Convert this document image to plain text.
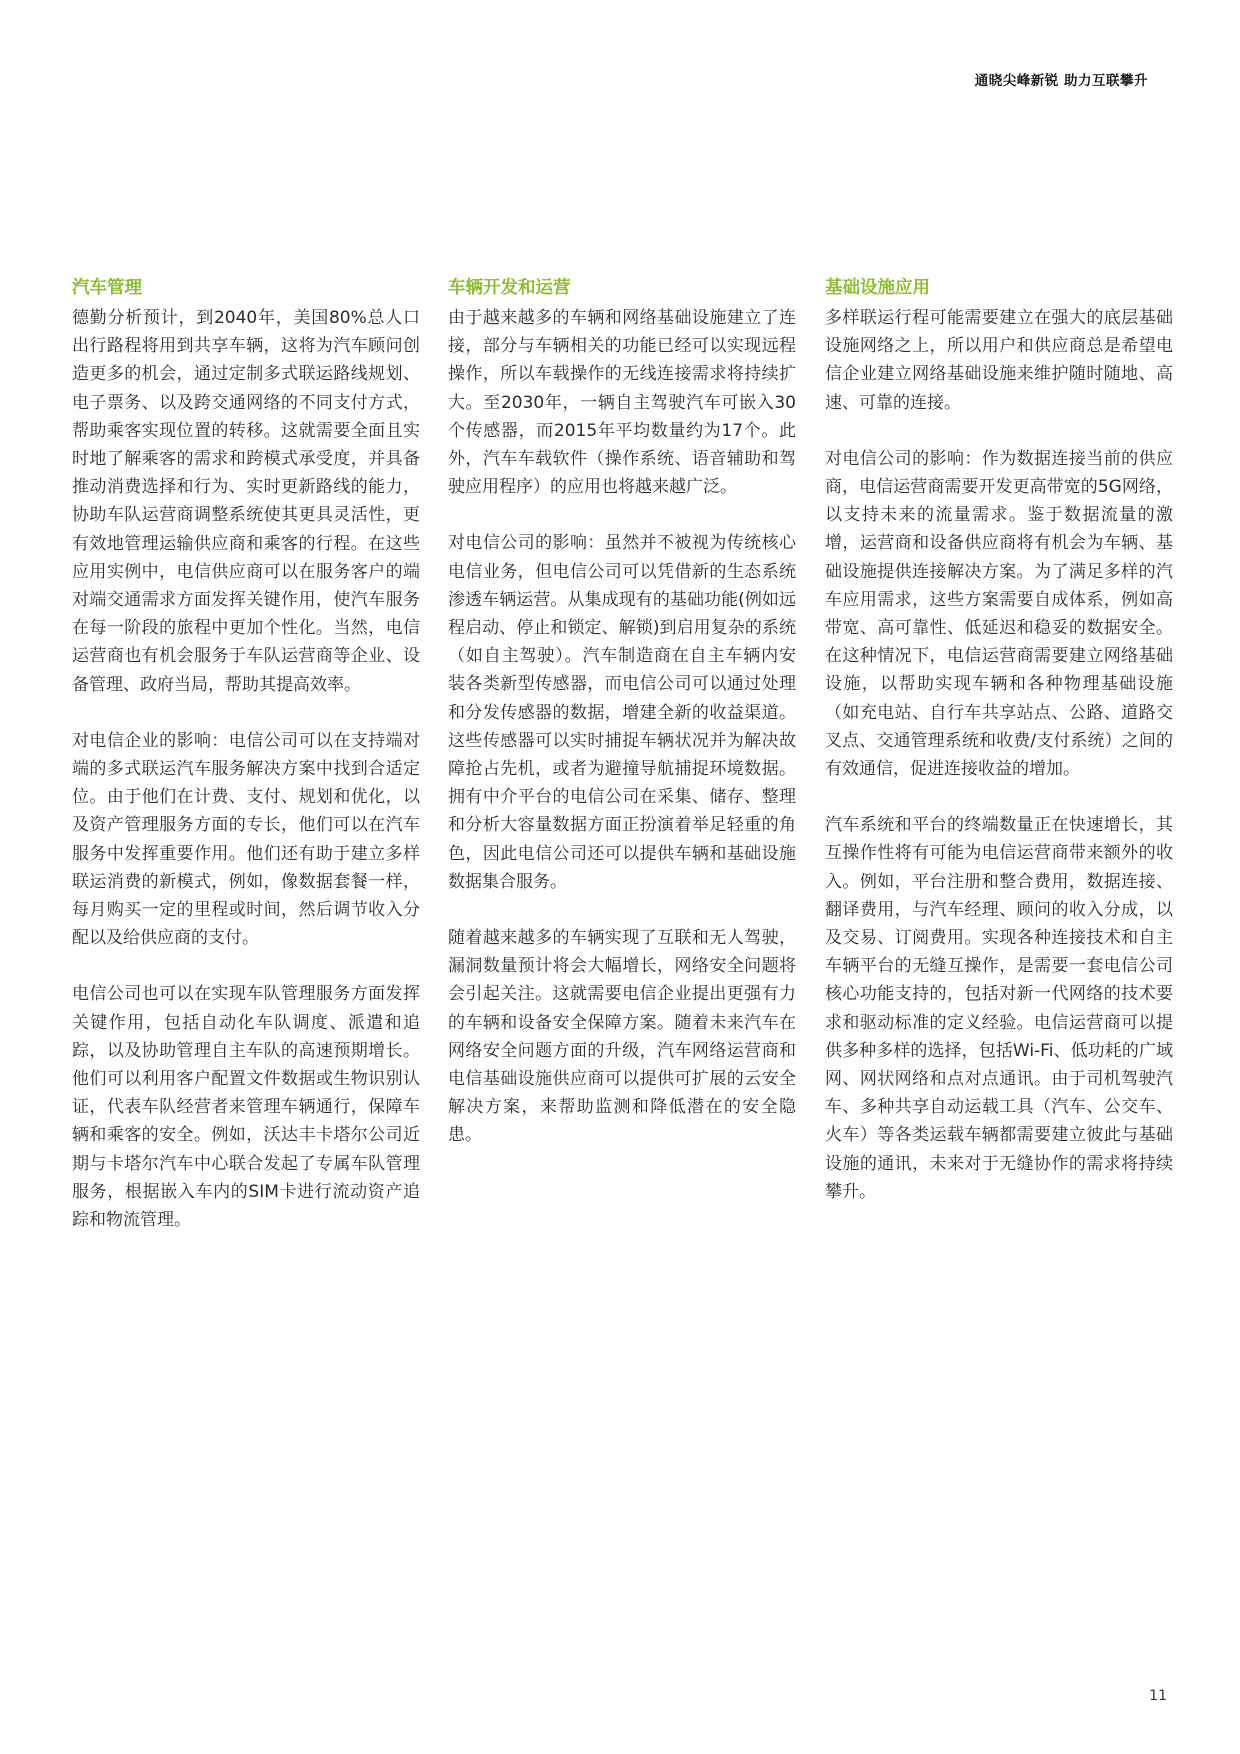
通晓尖峰新锐 助力互联攀升
汽车管理

德勤分析预计，到2040年，美国80%总人口出行路程将用到共享车辆，这将为汽车顾问创造更多的机会，通过定制多式联运路线规划、电子票务、以及跨交通网络的不同支付方式，帮助乘客实现位置的转移。这就需要全面且实时地了解乘客的需求和跨模式承受度，并具备推动消费选择和行为、实时更新路线的能力，协助车队运营商调整系统使其更具灵活性，更有效地管理运输供应商和乘客的行程。在这些应用实例中，电信供应商可以在服务客户的端对端交通需求方面发挥关键作用，使汽车服务在每一阶段的旅程中更加个性化。当然，电信运营商也有机会服务于车队运营商等企业、设备管理、政府当局，帮助其提高效率。

对电信企业的影响：电信公司可以在支持端对端的多式联运汽车服务解决方案中找到合适定位。由于他们在计费、支付、规划和优化，以及资产管理服务方面的专长，他们可以在汽车服务中发挥重要作用。他们还有助于建立多样联运消费的新模式，例如，像数据套餐一样，每月购买一定的里程或时间，然后调节收入分配以及给供应商的支付。

电信公司也可以在实现车队管理服务方面发挥关键作用，包括自动化车队调度、派遣和追踪，以及协助管理自主车队的高速预期增长。他们可以利用客户配置文件数据或生物识别认证，代表车队经营者来管理车辆通行，保障车辆和乘客的安全。例如，沃达丰卡塔尔公司近期与卡塔尔汽车中心联合发起了专属车队管理服务，根据嵌入车内的SIM卡进行流动资产追踪和物流管理。

车辆开发和运营

由于越来越多的车辆和网络基础设施建立了连接，部分与车辆相关的功能已经可以实现远程操作，所以车载操作的无线连接需求将持续扩大。至2030年，一辆自主驾驶汽车可嵌入30个传感器，而2015年平均数量约为17个。此外，汽车车载软件（操作系统、语音辅助和驾驶应用程序）的应用也将越来越广泛。

对电信公司的影响：虽然并不被视为传统核心电信业务，但电信公司可以凭借新的生态系统渗透车辆运营。从集成现有的基础功能(例如远程启动、停止和锁定、解锁)到启用复杂的系统（如自主驾驶）。汽车制造商在自主车辆内安装各类新型传感器，而电信公司可以通过处理和分发传感器的数据，增建全新的收益渠道。这些传感器可以实时捕捉车辆状况并为解决故障抢占先机，或者为避撞导航捕捉环境数据。拥有中介平台的电信公司在采集、储存、整理和分析大容量数据方面正扮演着举足轻重的角色，因此电信公司还可以提供车辆和基础设施数据集合服务。

随着越来越多的车辆实现了互联和无人驾驶，漏洞数量预计将会大幅增长，网络安全问题将会引起关注。这就需要电信企业提出更强有力的车辆和设备安全保障方案。随着未来汽车在网络安全问题方面的升级，汽车网络运营商和电信基础设施供应商可以提供可扩展的云安全解决方案，来帮助监测和降低潜在的安全隐患。

基础设施应用

多样联运行程可能需要建立在强大的底层基础设施网络之上，所以用户和供应商总是希望电信企业建立网络基础设施来维护随时随地、高速、可靠的连接。

对电信公司的影响：作为数据连接当前的供应商，电信运营商需要开发更高带宽的5G网络，以支持未来的流量需求。鉴于数据流量的激增，运营商和设备供应商将有机会为车辆、基础设施提供连接解决方案。为了满足多样的汽车应用需求，这些方案需要自成体系，例如高带宽、高可靠性、低延迟和稳妥的数据安全。在这种情况下，电信运营商需要建立网络基础设施，以帮助实现车辆和各种物理基础设施（如充电站、自行车共享站点、公路、道路交叉点、交通管理系统和收费/支付系统）之间的有效通信，促进连接收益的增加。

汽车系统和平台的终端数量正在快速增长，其互操作性将有可能为电信运营商带来额外的收入。例如，平台注册和整合费用，数据连接、翻译费用，与汽车经理、顾问的收入分成，以及交易、订阅费用。实现各种连接技术和自主车辆平台的无缝互操作，是需要一套电信公司核心功能支持的，包括对新一代网络的技术要求和驱动标准的定义经验。电信运营商可以提供多种多样的选择，包括Wi-Fi、低功耗的广域网、网状网络和点对点通讯。由于司机驾驶汽车、多种共享自动运载工具（汽车、公交车、火车）等各类运载车辆都需要建立彼此与基础设施的通讯，未来对于无缝协作的需求将持续攀升。

11
